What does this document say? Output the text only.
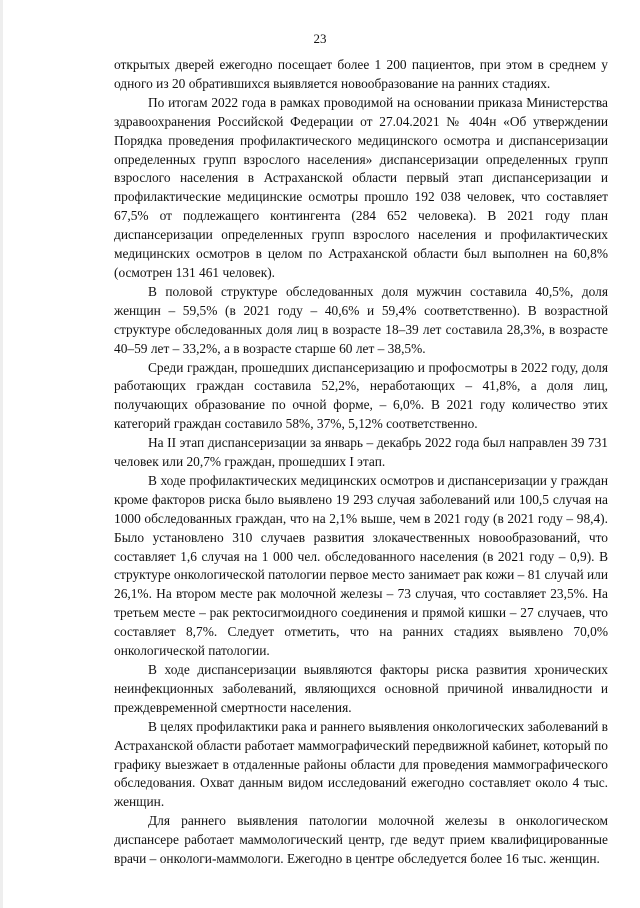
23

открытых дверей ежегодно посещает более 1 200 пациентов, при этом в среднем у одного из 20 обратившихся выявляется новообразование на ранних стадиях.

По итогам 2022 года в рамках проводимой на основании приказа Министерства здравоохранения Российской Федерации от 27.04.2021 № 404н «Об утверждении Порядка проведения профилактического медицинского осмотра и диспансеризации определенных групп взрослого населения» диспансеризации определенных групп взрослого населения в Астраханской области первый этап диспансеризации и профилактические медицинские осмотры прошло 192 038 человек, что составляет 67,5% от подлежащего контингента (284 652 человека). В 2021 году план диспансеризации определенных групп взрослого населения и профилактических медицинских осмотров в целом по Астраханской области был выполнен на 60,8% (осмотрен 131 461 человек).

В половой структуре обследованных доля мужчин составила 40,5%, доля женщин – 59,5% (в 2021 году – 40,6% и 59,4% соответственно). В возрастной структуре обследованных доля лиц в возрасте 18–39 лет составила 28,3%, в возрасте 40–59 лет – 33,2%, а в возрасте старше 60 лет – 38,5%.

Среди граждан, прошедших диспансеризацию и профосмотры в 2022 году, доля работающих граждан составила 52,2%, неработающих – 41,8%, а доля лиц, получающих образование по очной форме, – 6,0%. В 2021 году количество этих категорий граждан составило 58%, 37%, 5,12% соответственно.

На II этап диспансеризации за январь – декабрь 2022 года был направлен 39 731 человек или 20,7% граждан, прошедших I этап.

В ходе профилактических медицинских осмотров и диспансеризации у граждан кроме факторов риска было выявлено 19 293 случая заболеваний или 100,5 случая на 1000 обследованных граждан, что на 2,1% выше, чем в 2021 году (в 2021 году – 98,4). Было установлено 310 случаев развития злокачественных новообразований, что составляет 1,6 случая на 1 000 чел. обследованного населения (в 2021 году – 0,9). В структуре онкологической патологии первое место занимает рак кожи – 81 случай или 26,1%. На втором месте рак молочной железы – 73 случая, что составляет 23,5%. На третьем месте – рак ректосигмоидного соединения и прямой кишки – 27 случаев, что составляет 8,7%. Следует отметить, что на ранних стадиях выявлено 70,0% онкологической патологии.

В ходе диспансеризации выявляются факторы риска развития хронических неинфекционных заболеваний, являющихся основной причиной инвалидности и преждевременной смертности населения.

В целях профилактики рака и раннего выявления онкологических заболеваний в Астраханской области работает маммографический передвижной кабинет, который по графику выезжает в отдаленные районы области для проведения маммографического обследования. Охват данным видом исследований ежегодно составляет около 4 тыс. женщин.

Для раннего выявления патологии молочной железы в онкологическом диспансере работает маммологический центр, где ведут прием квалифицированные врачи – онкологи-маммологи. Ежегодно в центре обследуется более 16 тыс. женщин.
